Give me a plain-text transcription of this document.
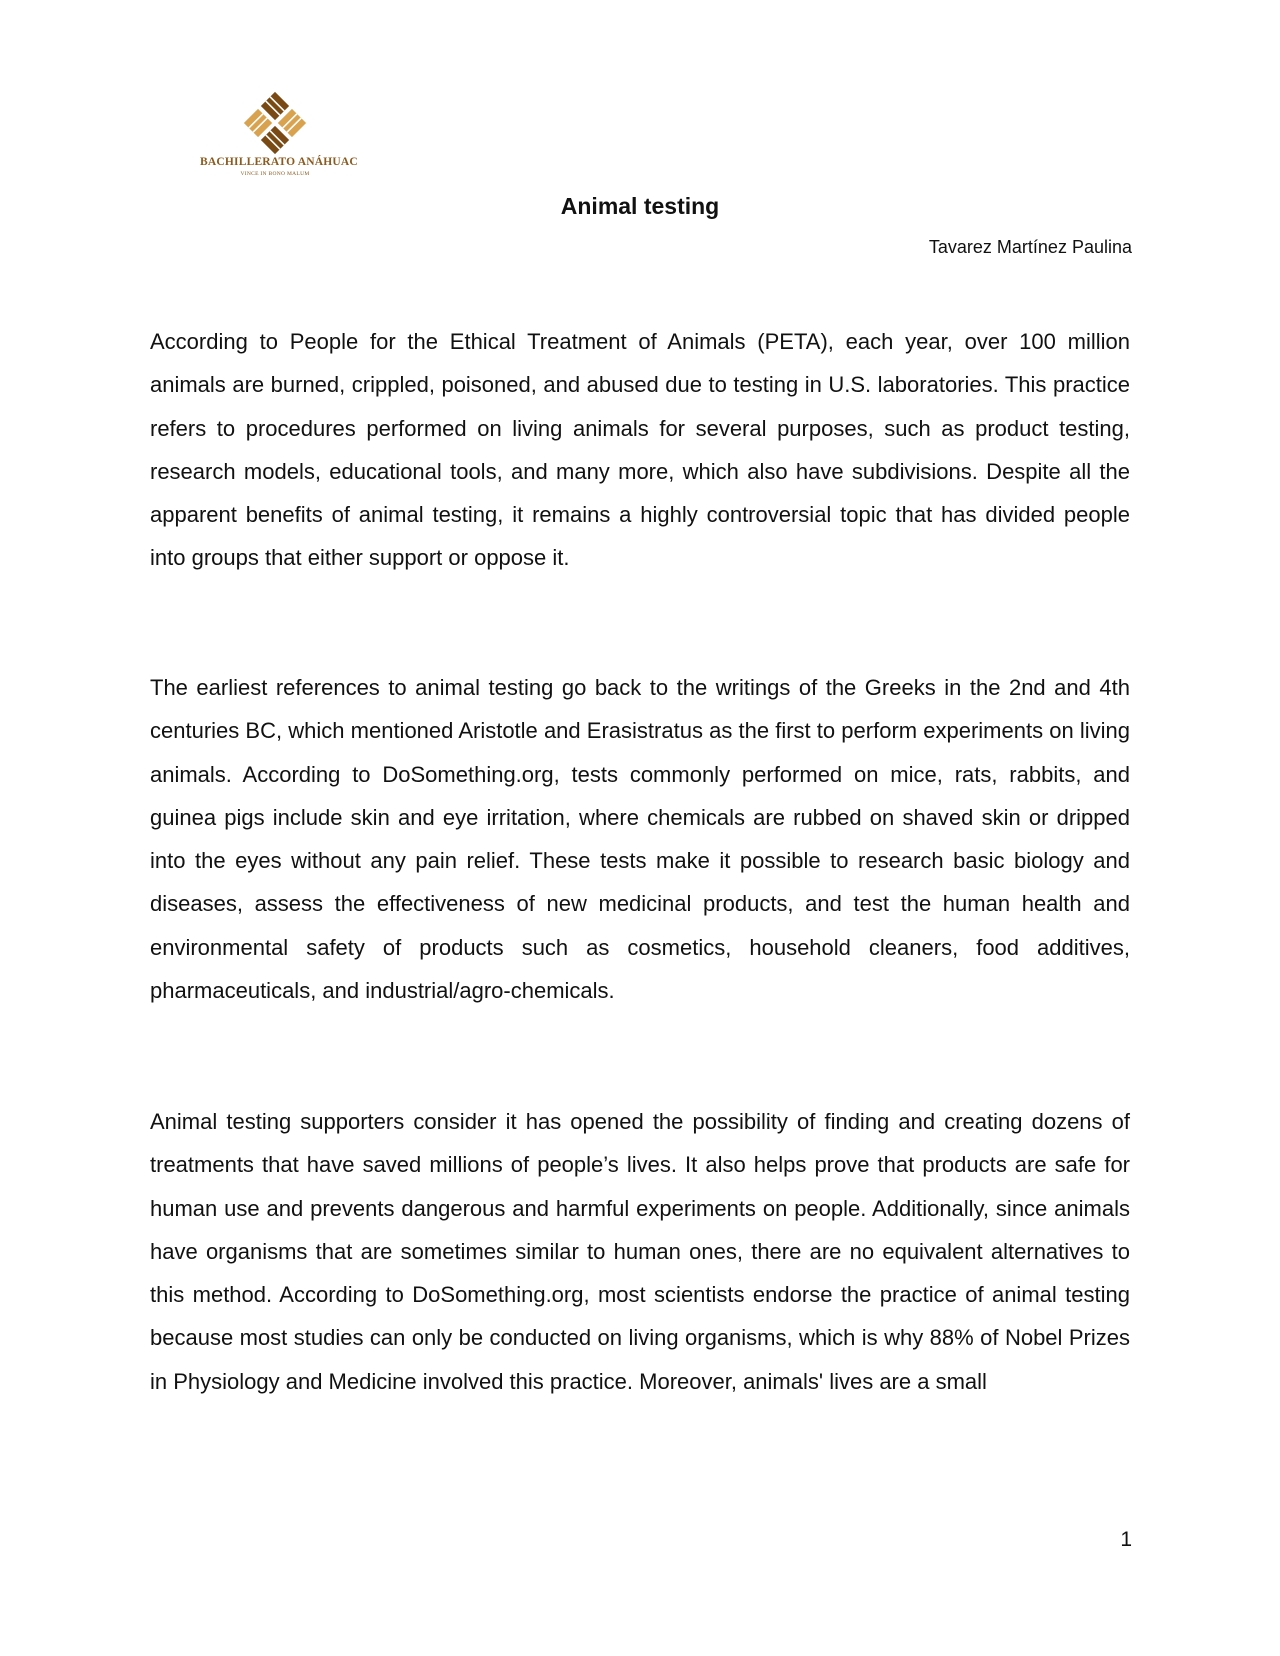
BACHILLERATO ANÁHUAC
VINCE IN BONO MALUM
Animal testing
Tavarez Martínez Paulina

According to People for the Ethical Treatment of Animals (PETA), each year, over 100 million animals are burned, crippled, poisoned, and abused due to testing in U.S. laboratories. This practice refers to procedures performed on living animals for several purposes, such as product testing, research models, educational tools, and many more, which also have subdivisions. Despite all the apparent benefits of animal testing, it remains a highly controversial topic that has divided people into groups that either support or oppose it.

The earliest references to animal testing go back to the writings of the Greeks in the 2nd and 4th centuries BC, which mentioned Aristotle and Erasistratus as the first to perform experiments on living animals. According to DoSomething.org, tests commonly performed on mice, rats, rabbits, and guinea pigs include skin and eye irritation, where chemicals are rubbed on shaved skin or dripped into the eyes without any pain relief. These tests make it possible to research basic biology and diseases, assess the effectiveness of new medicinal products, and test the human health and environmental safety of products such as cosmetics, household cleaners, food additives, pharmaceuticals, and industrial/agro-chemicals.

Animal testing supporters consider it has opened the possibility of finding and creating dozens of treatments that have saved millions of people’s lives. It also helps prove that products are safe for human use and prevents dangerous and harmful experiments on people. Additionally, since animals have organisms that are sometimes similar to human ones, there are no equivalent alternatives to this method. According to DoSomething.org, most scientists endorse the practice of animal testing because most studies can only be conducted on living organisms, which is why 88% of Nobel Prizes in Physiology and Medicine involved this practice. Moreover, animals' lives are a small

1
